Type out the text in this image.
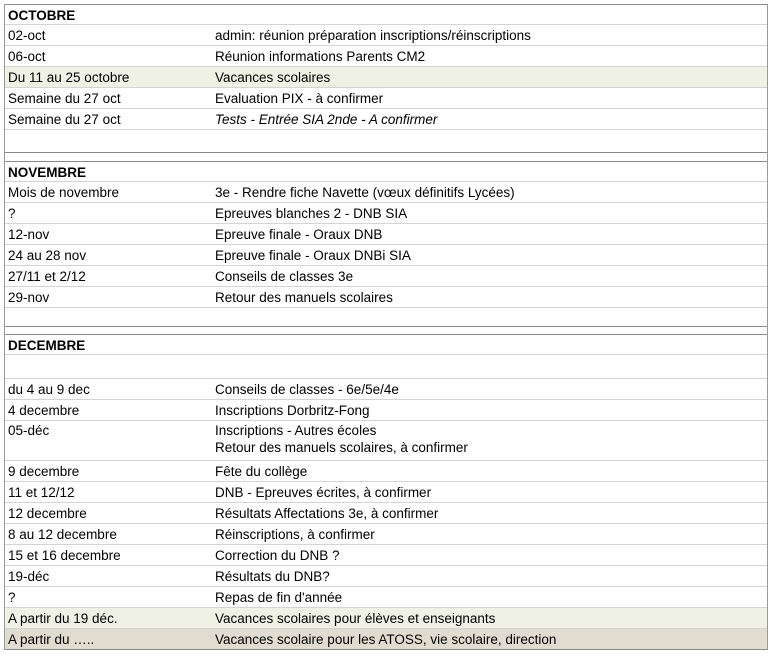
OCTOBRE
02-oct	admin: réunion préparation inscriptions/réinscriptions
06-oct	Réunion informations Parents CM2
Du 11 au 25 octobre	Vacances scolaires
Semaine du 27 oct	Evaluation PIX - à confirmer
Semaine du 27 oct	Tests - Entrée SIA 2nde - A confirmer
NOVEMBRE
Mois de novembre	3e - Rendre fiche Navette (vœux définitifs Lycées)
?	Epreuves blanches 2 - DNB SIA
12-nov	Epreuve finale - Oraux DNB
24 au 28 nov	Epreuve finale - Oraux DNBi SIA
27/11 et 2/12	Conseils de classes 3e
29-nov	Retour des manuels scolaires
DECEMBRE
du 4 au 9 dec	Conseils de classes - 6e/5e/4e
4 decembre	Inscriptions Dorbritz-Fong
05-déc	Inscriptions - Autres écoles
Retour des manuels scolaires, à confirmer
9 decembre	Fête du collège
11 et 12/12	DNB - Epreuves écrites, à confirmer
12 decembre	Résultats Affectations 3e, à confirmer
8 au 12 decembre	Réinscriptions, à confirmer
15 et 16 decembre	Correction du DNB ?
19-déc	Résultats du DNB?
?	Repas de fin d'année
A partir du 19 déc.	Vacances scolaires pour élèves et enseignants
A partir du …..	Vacances scolaire pour les ATOSS, vie scolaire, direction
